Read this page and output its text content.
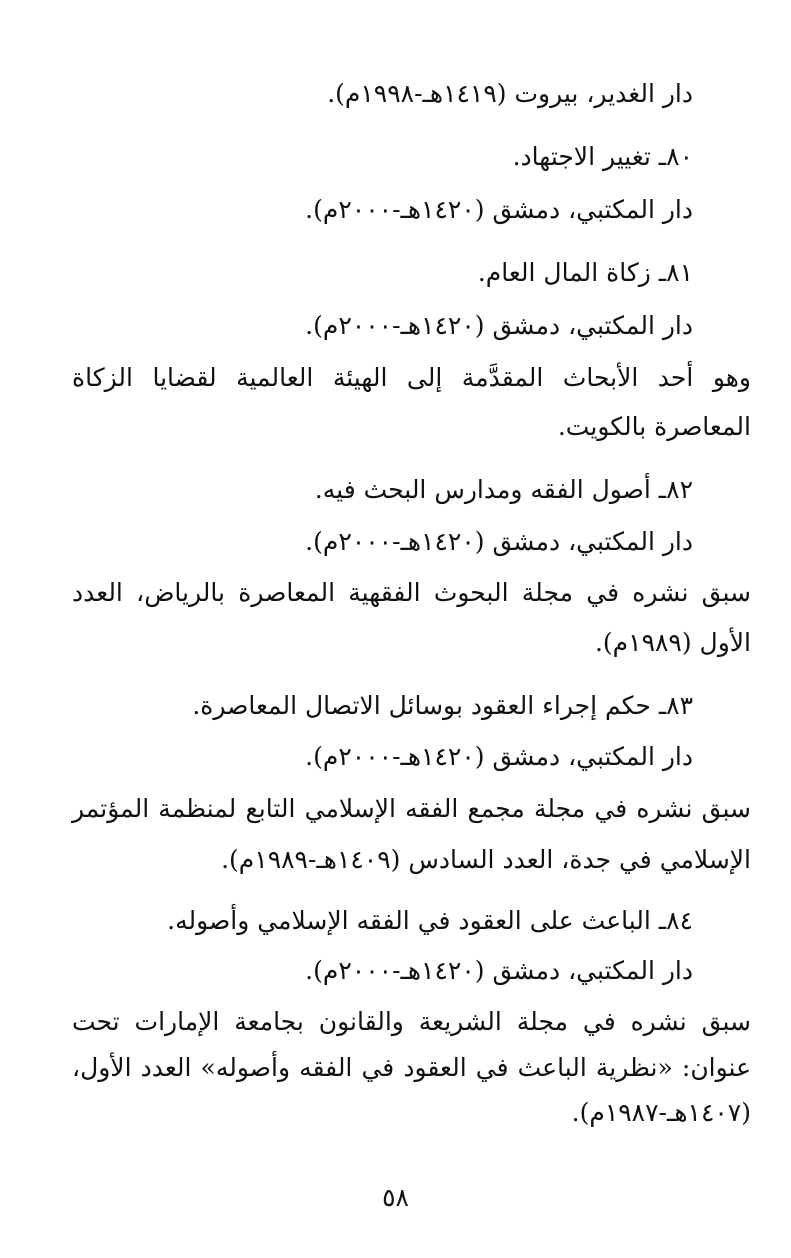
دار الغدير، بيروت (١٤١٩هـ-١٩٩٨م).
٨٠ـ تغيير الاجتهاد.
دار المكتبي، دمشق (١٤٢٠هـ-٢٠٠٠م).
٨١ـ زكاة المال العام.
دار المكتبي، دمشق (١٤٢٠هـ-٢٠٠٠م).
وهو أحد الأبحاث المقدَّمة إلى الهيئة العالمية لقضايا الزكاة
المعاصرة بالكويت.
٨٢ـ أصول الفقه ومدارس البحث فيه.
دار المكتبي، دمشق (١٤٢٠هـ-٢٠٠٠م).
سبق نشره في مجلة البحوث الفقهية المعاصرة بالرياض، العدد
الأول (١٩٨٩م).
٨٣ـ حكم إجراء العقود بوسائل الاتصال المعاصرة.
دار المكتبي، دمشق (١٤٢٠هـ-٢٠٠٠م).
سبق نشره في مجلة مجمع الفقه الإسلامي التابع لمنظمة المؤتمر
الإسلامي في جدة، العدد السادس (١٤٠٩هـ-١٩٨٩م).
٨٤ـ الباعث على العقود في الفقه الإسلامي وأصوله.
دار المكتبي، دمشق (١٤٢٠هـ-٢٠٠٠م).
سبق نشره في مجلة الشريعة والقانون بجامعة الإمارات تحت
عنوان: «نظرية الباعث في العقود في الفقه وأصوله» العدد الأول،
(١٤٠٧هـ-١٩٨٧م).
٥٨
